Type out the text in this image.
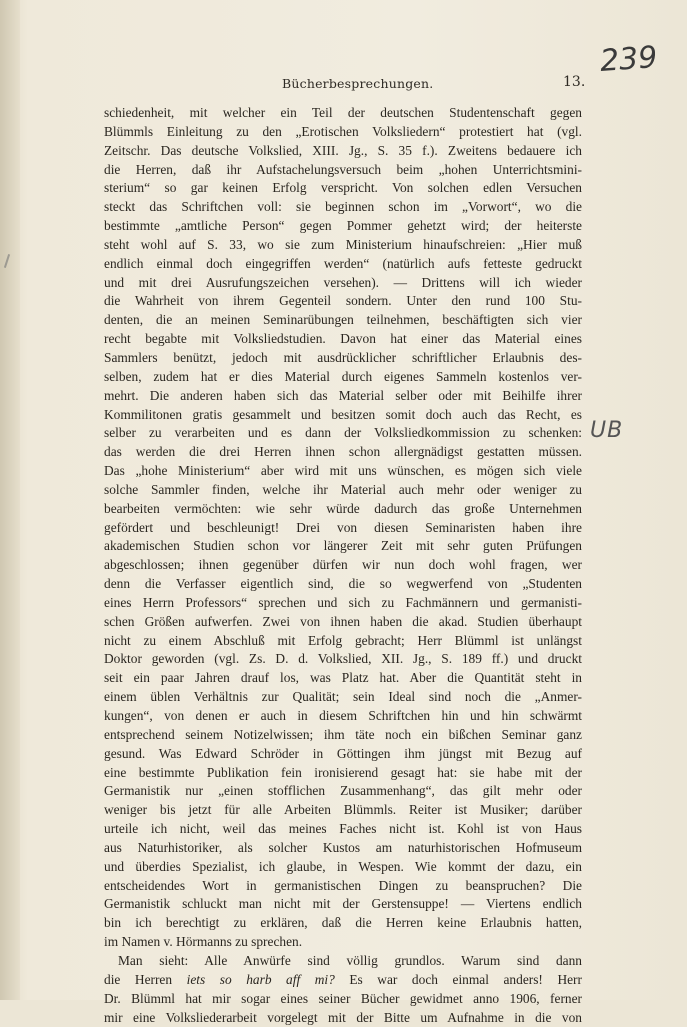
Bücherbesprechungen.	13.
239
UB
schiedenheit, mit welcher ein Teil der deutschen Studentenschaft gegen
Blümmls Einleitung zu den „Erotischen Volksliedern“ protestiert hat (vgl.
Zeitschr. Das deutsche Volkslied, XIII. Jg., S. 35 f.). Zweitens bedauere ich
die Herren, daß ihr Aufstachelungsversuch beim „hohen Unterrichtsmini-
sterium“ so gar keinen Erfolg verspricht. Von solchen edlen Versuchen
steckt das Schriftchen voll: sie beginnen schon im „Vorwort“, wo die
bestimmte „amtliche Person“ gegen Pommer gehetzt wird; der heiterste
steht wohl auf S. 33, wo sie zum Ministerium hinaufschreien: „Hier muß
endlich einmal doch eingegriffen werden“ (natürlich aufs fetteste gedruckt
und mit drei Ausrufungszeichen versehen). — Drittens will ich wieder
die Wahrheit von ihrem Gegenteil sondern. Unter den rund 100 Stu-
denten, die an meinen Seminarübungen teilnehmen, beschäftigten sich vier
recht begabte mit Volksliedstudien. Davon hat einer das Material eines
Sammlers benützt, jedoch mit ausdrücklicher schriftlicher Erlaubnis des-
selben, zudem hat er dies Material durch eigenes Sammeln kostenlos ver-
mehrt. Die anderen haben sich das Material selber oder mit Beihilfe ihrer
Kommilitonen gratis gesammelt und besitzen somit doch auch das Recht, es
selber zu verarbeiten und es dann der Volksliedkommission zu schenken:
das werden die drei Herren ihnen schon allergnädigst gestatten müssen.
Das „hohe Ministerium“ aber wird mit uns wünschen, es mögen sich viele
solche Sammler finden, welche ihr Material auch mehr oder weniger zu
bearbeiten vermöchten: wie sehr würde dadurch das große Unternehmen
gefördert und beschleunigt! Drei von diesen Seminaristen haben ihre
akademischen Studien schon vor längerer Zeit mit sehr guten Prüfungen
abgeschlossen; ihnen gegenüber dürfen wir nun doch wohl fragen, wer
denn die Verfasser eigentlich sind, die so wegwerfend von „Studenten
eines Herrn Professors“ sprechen und sich zu Fachmännern und germanisti-
schen Größen aufwerfen. Zwei von ihnen haben die akad. Studien überhaupt
nicht zu einem Abschluß mit Erfolg gebracht; Herr Blümml ist unlängst
Doktor geworden (vgl. Zs. D. d. Volkslied, XII. Jg., S. 189 ff.) und druckt
seit ein paar Jahren drauf los, was Platz hat. Aber die Quantität steht in
einem üblen Verhältnis zur Qualität; sein Ideal sind noch die „Anmer-
kungen“, von denen er auch in diesem Schriftchen hin und hin schwärmt
entsprechend seinem Notizelwissen; ihm täte noch ein bißchen Seminar ganz
gesund. Was Edward Schröder in Göttingen ihm jüngst mit Bezug auf
eine bestimmte Publikation fein ironisierend gesagt hat: sie habe mit der
Germanistik nur „einen stofflichen Zusammenhang“, das gilt mehr oder
weniger bis jetzt für alle Arbeiten Blümmls. Reiter ist Musiker; darüber
urteile ich nicht, weil das meines Faches nicht ist. Kohl ist von Haus
aus Naturhistoriker, als solcher Kustos am naturhistorischen Hofmuseum
und überdies Spezialist, ich glaube, in Wespen. Wie kommt der dazu, ein
entscheidendes Wort in germanistischen Dingen zu beanspruchen? Die
Germanistik schluckt man nicht mit der Gerstensuppe! — Viertens endlich
bin ich berechtigt zu erklären, daß die Herren keine Erlaubnis hatten,
im Namen v. Hörmanns zu sprechen.
Man sieht: Alle Anwürfe sind völlig grundlos. Warum sind dann
die Herren iets so harb aff mi? Es war doch einmal anders! Herr
Dr. Blümml hat mir sogar eines seiner Bücher gewidmet anno 1906, ferner
mir eine Volksliederarbeit vorgelegt mit der Bitte um Aufnahme in die von
